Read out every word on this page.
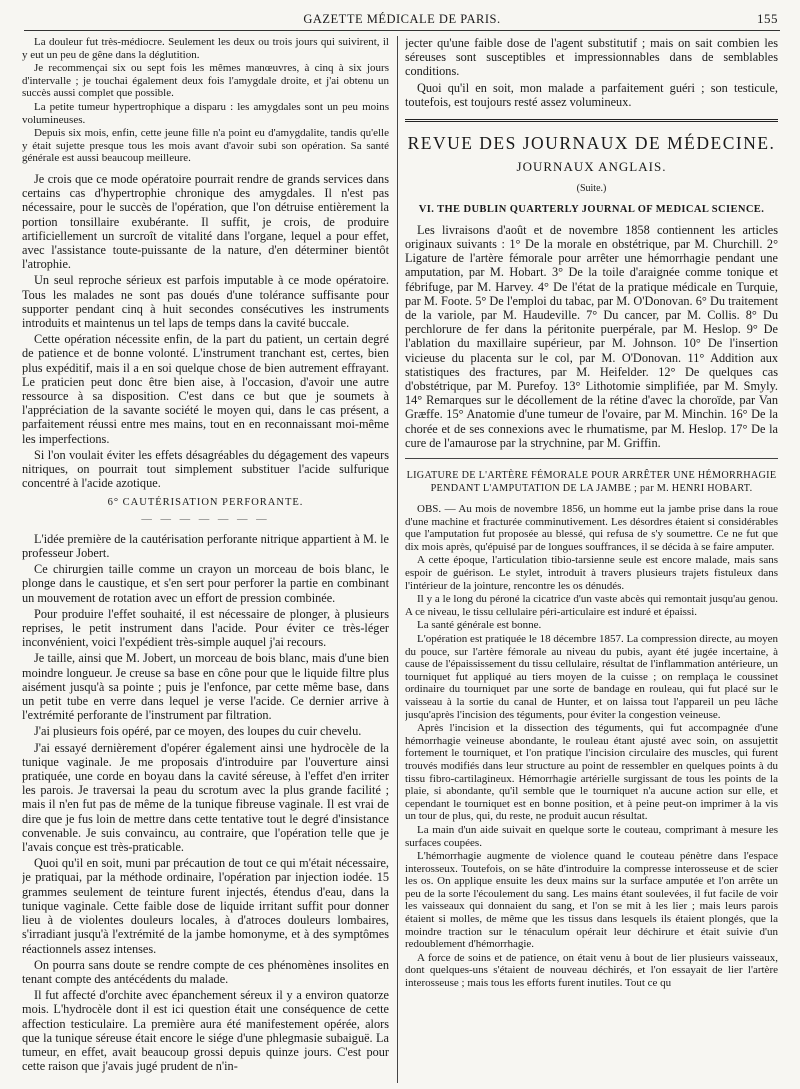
GAZETTE MÉDICALE DE PARIS.	155

La douleur fut très-médiocre. Seulement les deux ou trois jours qui suivirent, il y eut un peu de gêne dans la déglutition.

Je recommençai six ou sept fois les mêmes manœuvres, à cinq à six jours d'intervalle ; je touchai également deux fois l'amygdale droite, et j'ai obtenu un succès aussi complet que possible.

La petite tumeur hypertrophique a disparu : les amygdales sont un peu moins volumineuses.

Depuis six mois, enfin, cette jeune fille n'a point eu d'amygdalite, tandis qu'elle y était sujette presque tous les mois avant d'avoir subi son opération. Sa santé générale est aussi beaucoup meilleure.

Je crois que ce mode opératoire pourrait rendre de grands services dans certains cas d'hypertrophie chronique des amygdales. Il n'est pas nécessaire, pour le succès de l'opération, que l'on détruise entièrement la portion tonsillaire exubérante. Il suffit, je crois, de produire artificiellement un surcroît de vitalité dans l'organe, lequel a pour effet, avec l'assistance toute-puissante de la nature, d'en déterminer bientôt l'atrophie.

Un seul reproche sérieux est parfois imputable à ce mode opératoire. Tous les malades ne sont pas doués d'une tolérance suffisante pour supporter pendant cinq à huit secondes consécutives les instruments introduits et maintenus un tel laps de temps dans la cavité buccale.

Cette opération nécessite enfin, de la part du patient, un certain degré de patience et de bonne volonté. L'instrument tranchant est, certes, bien plus expéditif, mais il a en soi quelque chose de bien autrement effrayant. Le praticien peut donc être bien aise, à l'occasion, d'avoir une autre ressource à sa disposition. C'est dans ce but que je soumets à l'appréciation de la savante société le moyen qui, dans le cas présent, a parfaitement réussi entre mes mains, tout en en reconnaissant moi-même les imperfections.

Si l'on voulait éviter les effets désagréables du dégagement des vapeurs nitriques, on pourrait tout simplement substituer l'acide sulfurique concentré à l'acide azotique.

6° CAUTÉRISATION PERFORANTE.
— — — — — — —

L'idée première de la cautérisation perforante nitrique appartient à M. le professeur Jobert.

Ce chirurgien taille comme un crayon un morceau de bois blanc, le plonge dans le caustique, et s'en sert pour perforer la partie en combinant un mouvement de rotation avec un effort de pression combinée.

Pour produire l'effet souhaité, il est nécessaire de plonger, à plusieurs reprises, le petit instrument dans l'acide. Pour éviter ce très-léger inconvénient, voici l'expédient très-simple auquel j'ai recours.

Je taille, ainsi que M. Jobert, un morceau de bois blanc, mais d'une bien moindre longueur. Je creuse sa base en cône pour que le liquide filtre plus aisément jusqu'à sa pointe ; puis je l'enfonce, par cette même base, dans un petit tube en verre dans lequel je verse l'acide. Ce dernier arrive à l'extrémité perforante de l'instrument par filtration.

J'ai plusieurs fois opéré, par ce moyen, des loupes du cuir chevelu.

J'ai essayé dernièrement d'opérer également ainsi une hydrocèle de la tunique vaginale. Je me proposais d'introduire par l'ouverture ainsi pratiquée, une corde en boyau dans la cavité séreuse, à l'effet d'en irriter les parois. Je traversai la peau du scrotum avec la plus grande facilité ; mais il n'en fut pas de même de la tunique fibreuse vaginale. Il est vrai de dire que je fus loin de mettre dans cette tentative tout le degré d'insistance convenable. Je suis convaincu, au contraire, que l'opération telle que je l'avais conçue est très-praticable.

Quoi qu'il en soit, muni par précaution de tout ce qui m'était nécessaire, je pratiquai, par la méthode ordinaire, l'opération par injection iodée. 15 grammes seulement de teinture furent injectés, étendus d'eau, dans la tunique vaginale. Cette faible dose de liquide irritant suffit pour donner lieu à de violentes douleurs locales, à d'atroces douleurs lombaires, s'irradiant jusqu'à l'extrémité de la jambe homonyme, et à des symptômes réactionnels assez intenses.

On pourra sans doute se rendre compte de ces phénomènes insolites en tenant compte des antécédents du malade.

Il fut affecté d'orchite avec épanchement séreux il y a environ quatorze mois. L'hydrocèle dont il est ici question était une conséquence de cette affection testiculaire. La première aura été manifestement opérée, alors que la tunique séreuse était encore le siége d'une phlegmasie subaiguë. La tumeur, en effet, avait beaucoup grossi depuis quinze jours. C'est pour cette raison que j'avais jugé prudent de n'in-

jecter qu'une faible dose de l'agent substitutif ; mais on sait combien les séreuses sont susceptibles et impressionnables dans de semblables conditions.

Quoi qu'il en soit, mon malade a parfaitement guéri ; son testicule, toutefois, est toujours resté assez volumineux.

REVUE DES JOURNAUX DE MÉDECINE.
JOURNAUX ANGLAIS.
(Suite.)
VI. THE DUBLIN QUARTERLY JOURNAL OF MEDICAL SCIENCE.

Les livraisons d'août et de novembre 1858 contiennent les articles originaux suivants : 1° De la morale en obstétrique, par M. Churchill. 2° Ligature de l'artère fémorale pour arrêter une hémorrhagie pendant une amputation, par M. Hobart. 3° De la toile d'araignée comme tonique et fébrifuge, par M. Harvey. 4° De l'état de la pratique médicale en Turquie, par M. Foote. 5° De l'emploi du tabac, par M. O'Donovan. 6° Du traitement de la variole, par M. Haudeville. 7° Du cancer, par M. Collis. 8° Du perchlorure de fer dans la péritonite puerpérale, par M. Heslop. 9° De l'ablation du maxillaire supérieur, par M. Johnson. 10° De l'insertion vicieuse du placenta sur le col, par M. O'Donovan. 11° Addition aux statistiques des fractures, par M. Heifelder. 12° De quelques cas d'obstétrique, par M. Purefoy. 13° Lithotomie simplifiée, par M. Smyly. 14° Remarques sur le décollement de la rétine d'avec la choroïde, par Van Græffe. 15° Anatomie d'une tumeur de l'ovaire, par M. Minchin. 16° De la chorée et de ses connexions avec le rhumatisme, par M. Heslop. 17° De la cure de l'amaurose par la strychnine, par M. Griffin.

LIGATURE DE L'ARTÈRE FÉMORALE POUR ARRÊTER UNE HÉMORRHAGIE PENDANT L'AMPUTATION DE LA JAMBE ; par M. HENRI HOBART.

OBS. — Au mois de novembre 1856, un homme eut la jambe prise dans la roue d'une machine et fracturée comminutivement. Les désordres étaient si considérables que l'amputation fut proposée au blessé, qui refusa de s'y soumettre. Ce ne fut que dix mois après, qu'épuisé par de longues souffrances, il se décida à se faire amputer.

A cette époque, l'articulation tibio-tarsienne seule est encore malade, mais sans espoir de guérison. Le stylet, introduit à travers plusieurs trajets fistuleux dans l'intérieur de la jointure, rencontre les os dénudés.

Il y a le long du péroné la cicatrice d'un vaste abcès qui remontait jusqu'au genou. A ce niveau, le tissu cellulaire péri-articulaire est induré et épaissi.

La santé générale est bonne.

L'opération est pratiquée le 18 décembre 1857. La compression directe, au moyen du pouce, sur l'artère fémorale au niveau du pubis, ayant été jugée incertaine, à cause de l'épaississement du tissu cellulaire, résultat de l'inflammation antérieure, un tourniquet fut appliqué au tiers moyen de la cuisse ; on remplaça le coussinet ordinaire du tourniquet par une sorte de bandage en rouleau, qui fut placé sur le vaisseau à la sortie du canal de Hunter, et on laissa tout l'appareil un peu lâche jusqu'après l'incision des téguments, pour éviter la congestion veineuse.

Après l'incision et la dissection des téguments, qui fut accompagnée d'une hémorrhagie veineuse abondante, le rouleau étant ajusté avec soin, on assujettit fortement le tourniquet, et l'on pratique l'incision circulaire des muscles, qui furent trouvés modifiés dans leur structure au point de ressembler en quelques points à du tissu fibro-cartilagineux. Hémorrhagie artérielle surgissant de tous les points de la plaie, si abondante, qu'il semble que le tourniquet n'a aucune action sur elle, et cependant le tourniquet est en bonne position, et à peine peut-on imprimer à la vis un tour de plus, qui, du reste, ne produit aucun résultat.

La main d'un aide suivait en quelque sorte le couteau, comprimant à mesure les surfaces coupées.

L'hémorrhagie augmente de violence quand le couteau pénètre dans l'espace interosseux. Toutefois, on se hâte d'introduire la compresse interosseuse et de scier les os. On applique ensuite les deux mains sur la surface amputée et l'on arrête un peu de la sorte l'écoulement du sang. Les mains étant soulevées, il fut facile de voir les vaisseaux qui donnaient du sang, et l'on se mit à les lier ; mais leurs parois étaient si molles, de même que les tissus dans lesquels ils étaient plongés, que la moindre traction sur le ténaculum opérait leur déchirure et était suivie d'un redoublement d'hémorrhagie.

A force de soins et de patience, on était venu à bout de lier plusieurs vaisseaux, dont quelques-uns s'étaient de nouveau déchirés, et l'on essayait de lier l'artère interosseuse ; mais tous les efforts furent inutiles. Tout ce qu
